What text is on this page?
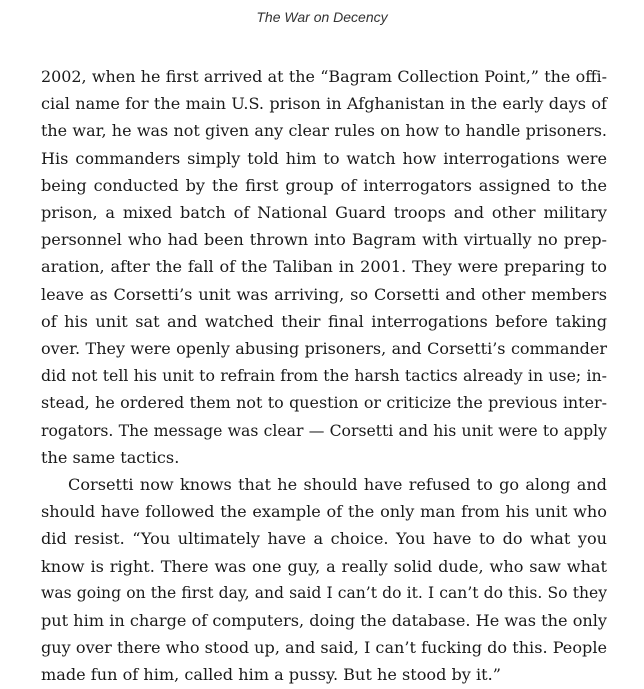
The War on Decency
2002, when he first arrived at the “Bagram Collection Point,” the offi-
cial name for the main U.S. prison in Afghanistan in the early days of
the war, he was not given any clear rules on how to handle prisoners.
His commanders simply told him to watch how interrogations were
being conducted by the first group of interrogators assigned to the
prison, a mixed batch of National Guard troops and other military
personnel who had been thrown into Bagram with virtually no prep-
aration, after the fall of the Taliban in 2001. They were preparing to
leave as Corsetti’s unit was arriving, so Corsetti and other members
of his unit sat and watched their final interrogations before taking
over. They were openly abusing prisoners, and Corsetti’s commander
did not tell his unit to refrain from the harsh tactics already in use; in-
stead, he ordered them not to question or criticize the previous inter-
rogators. The message was clear — Corsetti and his unit were to apply
the same tactics.
Corsetti now knows that he should have refused to go along and
should have followed the example of the only man from his unit who
did resist. “You ultimately have a choice. You have to do what you
know is right. There was one guy, a really solid dude, who saw what
was going on the first day, and said I can’t do it. I can’t do this. So they
put him in charge of computers, doing the database. He was the only
guy over there who stood up, and said, I can’t fucking do this. People
made fun of him, called him a pussy. But he stood by it.”
